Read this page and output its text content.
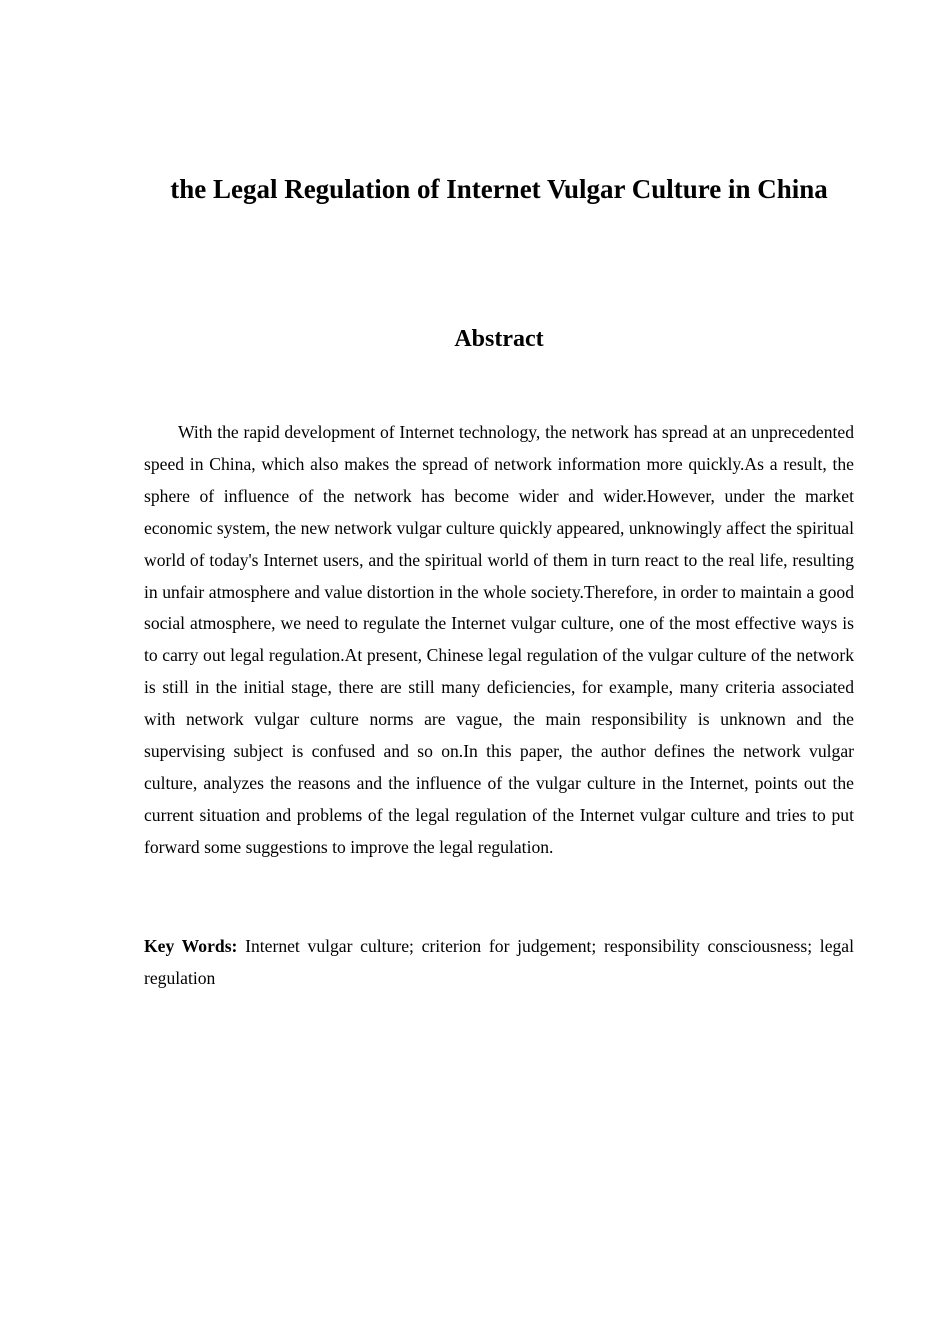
the Legal Regulation of Internet Vulgar Culture in China
Abstract

With the rapid development of Internet technology, the network has spread at an unprecedented speed in China, which also makes the spread of network information more quickly.As a result, the sphere of influence of the network has become wider and wider.However, under the market economic system, the new network vulgar culture quickly appeared, unknowingly affect the spiritual world of today's Internet users, and the spiritual world of them in turn react to the real life, resulting in unfair atmosphere and value distortion in the whole society.Therefore, in order to maintain a good social atmosphere, we need to regulate the Internet vulgar culture, one of the most effective ways is to carry out legal regulation.At present, Chinese legal regulation of the vulgar culture of the network is still in the initial stage, there are still many deficiencies, for example, many criteria associated with network vulgar culture norms are vague, the main responsibility is unknown and the supervising subject is confused and so on.In this paper, the author defines the network vulgar culture, analyzes the reasons and the influence of the vulgar culture in the Internet, points out the current situation and problems of the legal regulation of the Internet vulgar culture and tries to put forward some suggestions to improve the legal regulation.

Key Words: Internet vulgar culture; criterion for judgement; responsibility consciousness; legal regulation
